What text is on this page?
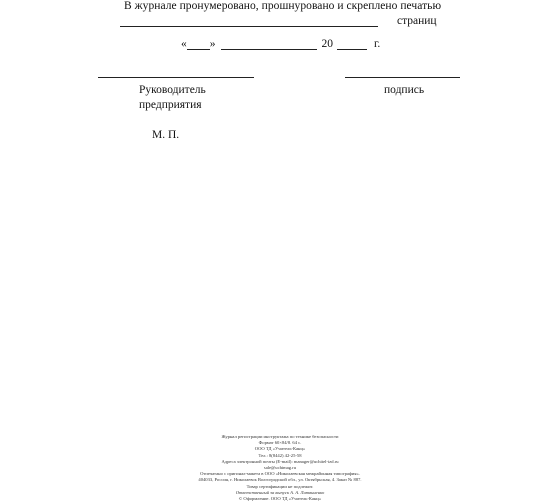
В журнале пронумеровано, прошнуровано и скреплено печатью
страниц
« »	20	г.
Руководитель
предприятия
подпись
М. П.
Журнал регистрации инструктажа по технике безопасности
Формат 60×84/8. 64 с.
ООО ТД «Учитель-Канц»
Тел.: 8(8442) 42-25-58
Адреса электронной почты (E-mail): manager@uchitel-izd.ru
sale@uchimag.ru
Отпечатано с оригинал-макета в ООО «Николаевская межрайонная типография».
404033, Россия, г. Николаевск Волгоградской обл., ул. Октябрьская, 4. Заказ № 887.
Товар сертификации не подлежит.
Ответственный за выпуск А. А. Литвиненко
© Оформление. ООО ТД «Учитель-Канц»
